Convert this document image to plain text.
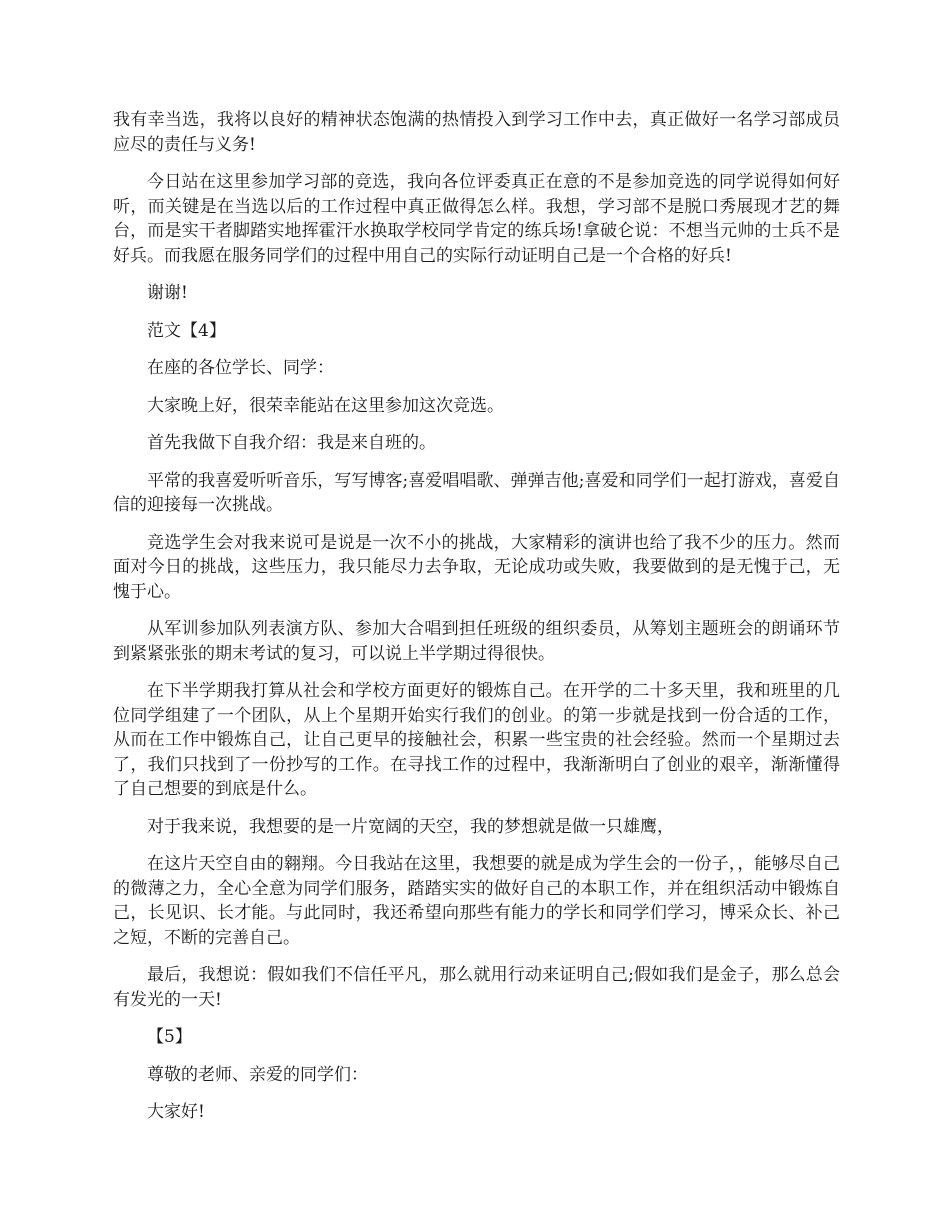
我有幸当选，我将以良好的精神状态饱满的热情投入到学习工作中去，真正做好一名学习部成员应尽的责任与义务!

今日站在这里参加学习部的竞选，我向各位评委真正在意的不是参加竞选的同学说得如何好听，而关键是在当选以后的工作过程中真正做得怎么样。我想，学习部不是脱口秀展现才艺的舞台，而是实干者脚踏实地挥霍汗水换取学校同学肯定的练兵场!拿破仑说：不想当元帅的士兵不是好兵。而我愿在服务同学们的过程中用自己的实际行动证明自己是一个合格的好兵!

谢谢!

范文【4】

在座的各位学长、同学：

大家晚上好，很荣幸能站在这里参加这次竞选。

首先我做下自我介绍：我是来自班的。

平常的我喜爱听听音乐，写写博客;喜爱唱唱歌、弹弹吉他;喜爱和同学们一起打游戏，喜爱自信的迎接每一次挑战。

竞选学生会对我来说可是说是一次不小的挑战，大家精彩的演讲也给了我不少的压力。然而面对今日的挑战，这些压力，我只能尽力去争取，无论成功或失败，我要做到的是无愧于己，无愧于心。

从军训参加队列表演方队、参加大合唱到担任班级的组织委员，从筹划主题班会的朗诵环节到紧紧张张的期末考试的复习，可以说上半学期过得很快。

在下半学期我打算从社会和学校方面更好的锻炼自己。在开学的二十多天里，我和班里的几位同学组建了一个团队，从上个星期开始实行我们的创业。的第一步就是找到一份合适的工作，从而在工作中锻炼自己，让自己更早的接触社会，积累一些宝贵的社会经验。然而一个星期过去了，我们只找到了一份抄写的工作。在寻找工作的过程中，我渐渐明白了创业的艰辛，渐渐懂得了自己想要的到底是什么。

对于我来说，我想要的是一片宽阔的天空，我的梦想就是做一只雄鹰，

在这片天空自由的翱翔。今日我站在这里，我想要的就是成为学生会的一份子，，能够尽自己的微薄之力，全心全意为同学们服务，踏踏实实的做好自己的本职工作，并在组织活动中锻炼自己，长见识、长才能。与此同时，我还希望向那些有能力的学长和同学们学习，博采众长、补己之短，不断的完善自己。

最后，我想说：假如我们不信任平凡，那么就用行动来证明自己;假如我们是金子，那么总会有发光的一天!

【5】

尊敬的老师、亲爱的同学们：

大家好!
